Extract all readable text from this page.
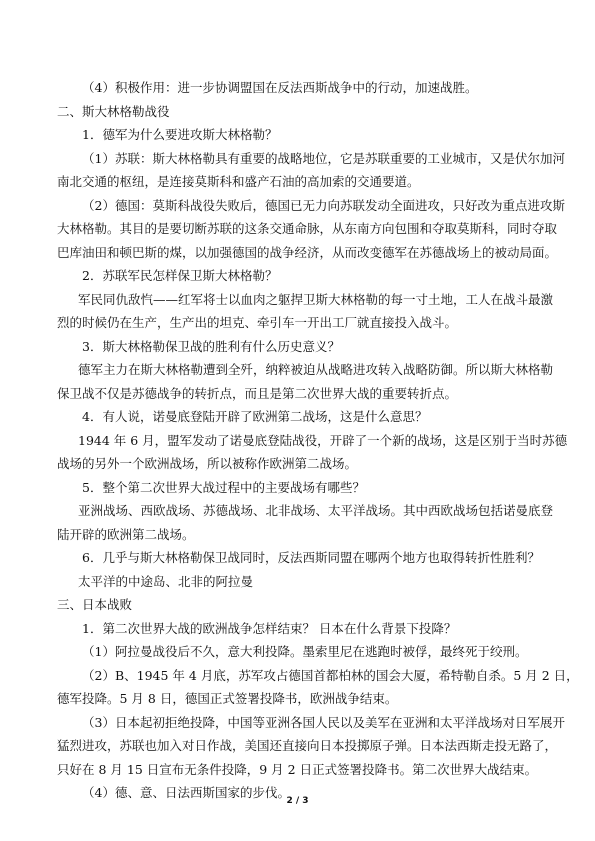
（4）积极作用：进一步协调盟国在反法西斯战争中的行动，加速战胜。
二、斯大林格勒战役
1．德军为什么要进攻斯大林格勒？
（1）苏联：斯大林格勒具有重要的战略地位，它是苏联重要的工业城市，又是伏尔加河
南北交通的枢纽，是连接莫斯科和盛产石油的高加索的交通要道。
（2）德国：莫斯科战役失败后，德国已无力向苏联发动全面进攻，只好改为重点进攻斯
大林格勒。其目的是要切断苏联的这条交通命脉，从东南方向包围和夺取莫斯科，同时夺取
巴库油田和顿巴斯的煤，以加强德国的战争经济，从而改变德军在苏德战场上的被动局面。
2．苏联军民怎样保卫斯大林格勒？
军民同仇敌忾——红军将士以血肉之躯捍卫斯大林格勒的每一寸土地，工人在战斗最激
烈的时候仍在生产，生产出的坦克、牵引车一开出工厂就直接投入战斗。
3．斯大林格勒保卫战的胜利有什么历史意义？
德军主力在斯大林格勒遭到全歼，纳粹被迫从战略进攻转入战略防御。所以斯大林格勒
保卫战不仅是苏德战争的转折点，而且是第二次世界大战的重要转折点。
4．有人说，诺曼底登陆开辟了欧洲第二战场，这是什么意思？
1944 年 6 月，盟军发动了诺曼底登陆战役，开辟了一个新的战场，这是区别于当时苏德
战场的另外一个欧洲战场，所以被称作欧洲第二战场。
5．整个第二次世界大战过程中的主要战场有哪些？
亚洲战场、西欧战场、苏德战场、北非战场、太平洋战场。其中西欧战场包括诺曼底登
陆开辟的欧洲第二战场。
6．几乎与斯大林格勒保卫战同时，反法西斯同盟在哪两个地方也取得转折性胜利？
太平洋的中途岛、北非的阿拉曼
三、日本战败
1．第二次世界大战的欧洲战争怎样结束？ 日本在什么背景下投降？
（1）阿拉曼战役后不久，意大利投降。墨索里尼在逃跑时被俘，最终死于绞刑。
（2）B、1945 年 4 月底，苏军攻占德国首都柏林的国会大厦，希特勒自杀。5 月 2 日，
德军投降。5 月 8 日，德国正式签署投降书，欧洲战争结束。
（3）日本起初拒绝投降，中国等亚洲各国人民以及美军在亚洲和太平洋战场对日军展开
猛烈进攻，苏联也加入对日作战，美国还直接向日本投掷原子弹。日本法西斯走投无路了，
只好在 8 月 15 日宣布无条件投降，9 月 2 日正式签署投降书。第二次世界大战结束。
（4）德、意、日法西斯国家的步伐。
2 / 3
